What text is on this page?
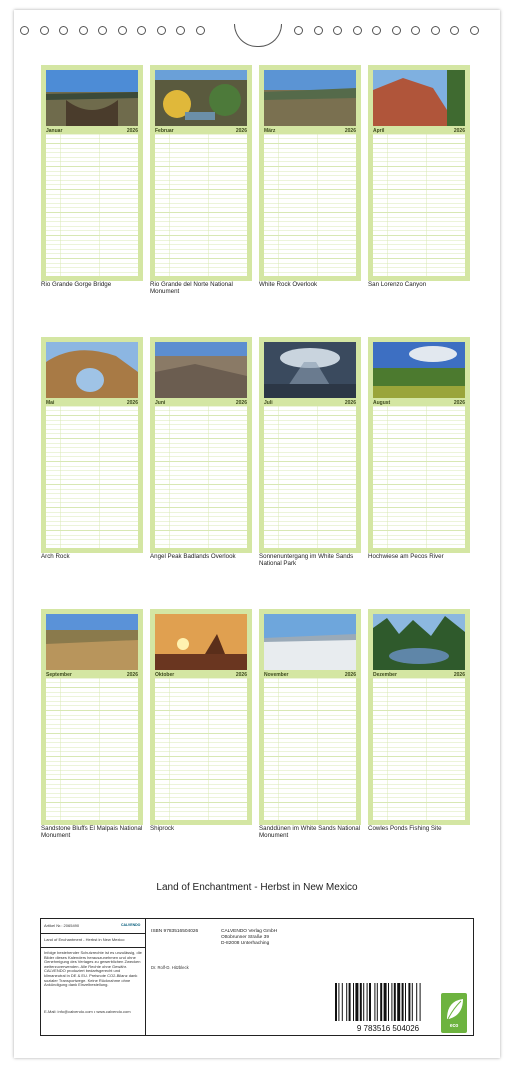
Januar	2026
Rio Grande Gorge Bridge
Februar	2026
Rio Grande del Norte National Monument
März	2026
White Rock Overlook
April	2026
San Lorenzo Canyon
Mai	2026
Arch Rock
Juni	2026
Angel Peak Badlands Overlook
Juli	2026
Sonnenuntergang im White Sands National Park
August	2026
Hochwiese am Pecos River
September	2026
Sandstone Bluffs El Malpais National Monument
Oktober	2026
Shiprock
November	2026
Sanddünen im White Sands National Monument
Dezember	2026
Cowles Ponds Fishing Site
Land of Enchantment - Herbst in New Mexico
Artikel Nr.: 2065490	CALVENDO
Land of Enchantment - Herbst in New Mexico
Infolge bestehender Schutzrechte ist es unzulässig, die Bilder dieses Kalenders herauszunehmen und ohne Genehmigung des Verlages zu gewerblichen Zwecken weiterzuverwenden. Alle Rechte ohne Gewähr. CALVENDO produziert bedarfsgerecht und klimaneutral in DE & EU. Preisnote CO2-Bilanz dank sozialer Transportwege. Keine Rücknahme ohne Ankündigung dank Einzelbestellung.
E-Mail: info@calvendo.com • www.calvendo.com
ISBN 9783516504026
Dr. Rolf-D. Hitzbleck
CALVENDO Verlag GmbH
Ottobrunner Straße 39
D-82008 Unterhaching
9 783516 504026	eco
